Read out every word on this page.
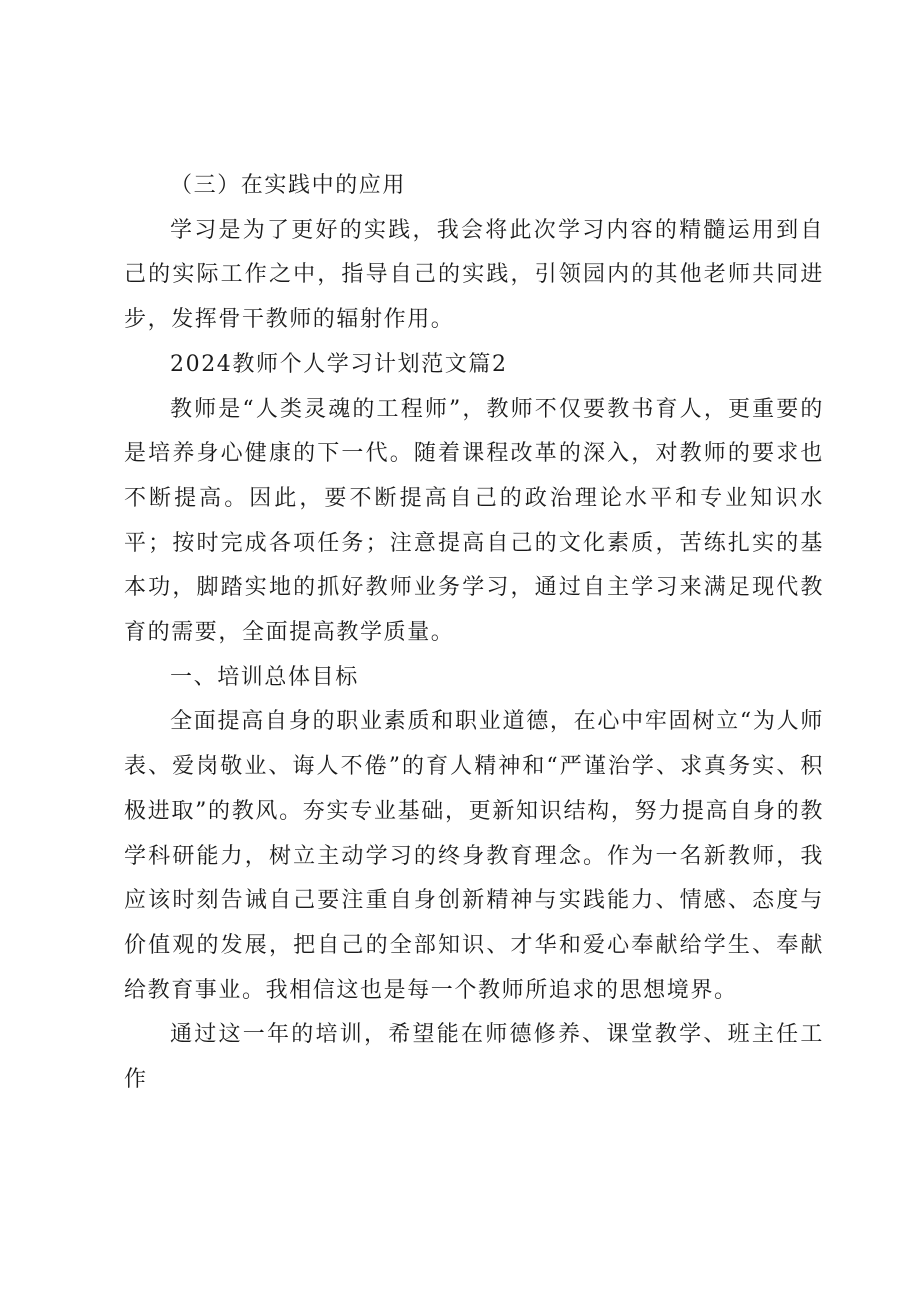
（三）在实践中的应用

学习是为了更好的实践，我会将此次学习内容的精髓运用到自己的实际工作之中，指导自己的实践，引领园内的其他老师共同进步，发挥骨干教师的辐射作用。

2024教师个人学习计划范文篇2

教师是“人类灵魂的工程师”，教师不仅要教书育人，更重要的是培养身心健康的下一代。随着课程改革的深入，对教师的要求也不断提高。因此，要不断提高自己的政治理论水平和专业知识水平；按时完成各项任务；注意提高自己的文化素质，苦练扎实的基本功，脚踏实地的抓好教师业务学习，通过自主学习来满足现代教育的需要，全面提高教学质量。

一、培训总体目标

全面提高自身的职业素质和职业道德，在心中牢固树立“为人师表、爱岗敬业、诲人不倦”的育人精神和“严谨治学、求真务实、积极进取”的教风。夯实专业基础，更新知识结构，努力提高自身的教学科研能力，树立主动学习的终身教育理念。作为一名新教师，我应该时刻告诫自己要注重自身创新精神与实践能力、情感、态度与价值观的发展，把自己的全部知识、才华和爱心奉献给学生、奉献给教育事业。我相信这也是每一个教师所追求的思想境界。

通过这一年的培训，希望能在师德修养、课堂教学、班主任工作
